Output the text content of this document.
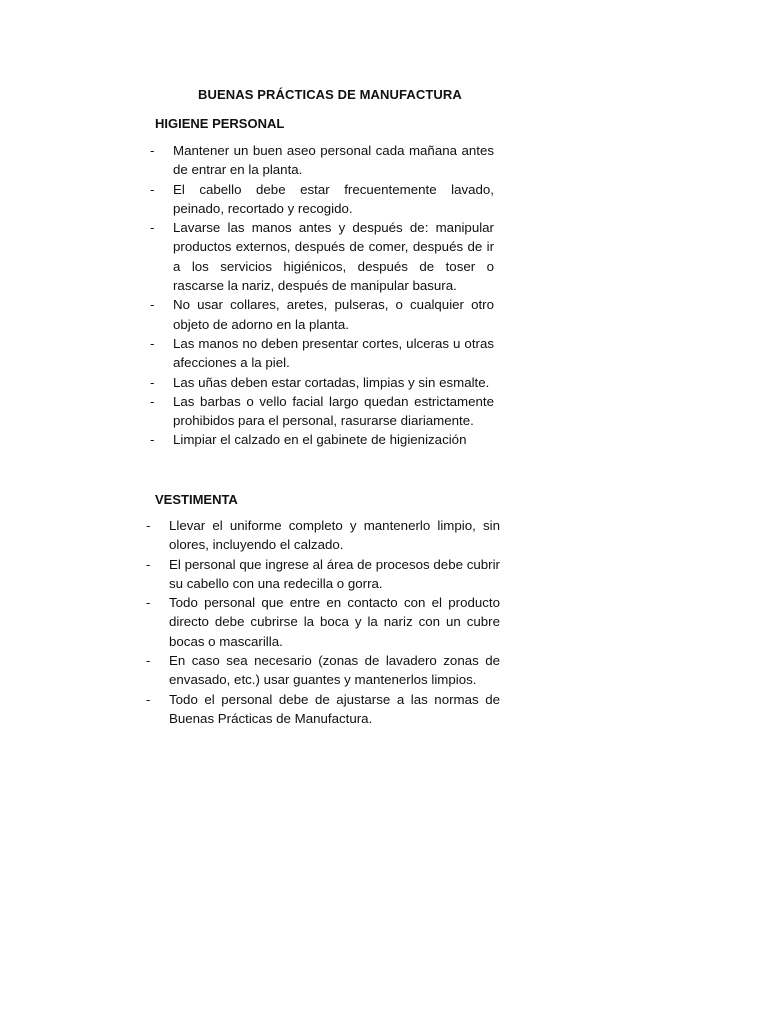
BUENAS PRÁCTICAS DE MANUFACTURA
HIGIENE PERSONAL
- Mantener un buen aseo personal cada mañana antes de entrar en la planta.
- El cabello debe estar frecuentemente lavado, peinado, recortado y recogido.
- Lavarse las manos antes y después de: manipular productos externos, después de comer, después de ir a los servicios higiénicos, después de toser o rascarse la nariz, después de manipular basura.
- No usar collares, aretes, pulseras, o cualquier otro objeto de adorno en la planta.
- Las manos no deben presentar cortes, ulceras u otras afecciones a la piel.
- Las uñas deben estar cortadas, limpias y sin esmalte.
- Las barbas o vello facial largo quedan estrictamente prohibidos para el personal, rasurarse diariamente.
- Limpiar el calzado en el gabinete de higienización
VESTIMENTA
- Llevar el uniforme completo y mantenerlo limpio, sin olores, incluyendo el calzado.
- El personal que ingrese al área de procesos debe cubrir su cabello con una redecilla o gorra.
- Todo personal que entre en contacto con el producto directo debe cubrirse la boca y la nariz con un cubre bocas o mascarilla.
- En caso sea necesario (zonas de lavadero zonas de envasado, etc.) usar guantes y mantenerlos limpios.
- Todo el personal debe de ajustarse a las normas de Buenas Prácticas de Manufactura.
